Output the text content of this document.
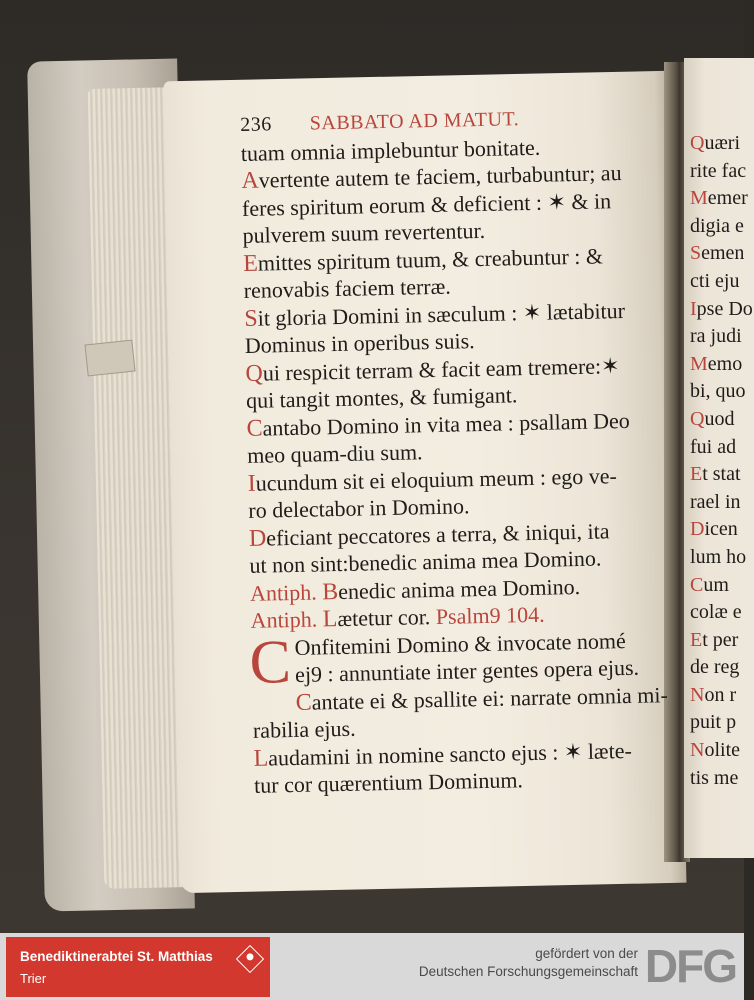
236 SABBATO AD MATUT.
tuam omnia implebuntur bonitate.
Avertente autem te faciem, turbabuntur; au
feres spiritum eorum & deficient : ✶ & in
pulverem suum revertentur.
Emittes spiritum tuum, & creabuntur : &
renovabis faciem terræ.
Sit gloria Domini in sæculum : ✶ lætabitur
Dominus in operibus suis.
Qui respicit terram & facit eam tremere:✶
qui tangit montes, & fumigant.
Cantabo Domino in vita mea : psallam Deo
meo quam-diu sum.
Iucundum sit ei eloquium meum : ego ve-
ro delectabor in Domino.
Deficiant peccatores a terra, & iniqui, ita
ut non sint:benedic anima mea Domino.
Antiph. Benedic anima mea Domino.
Antiph. Lætetur cor. Psalm9 104.
C Onfitemini Domino & invocate nomé
ej9 : annuntiate inter gentes opera ejus.
Cantate ei & psallite ei: narrate omnia mi-
rabilia ejus.
Laudamini in nomine sancto ejus : ✶ læte-
tur cor quærentium Dominum.
Quæri
rite fac
Memer
digia e
Semen
cti eju
Ipse Do
ra judi
Memo
bi, quo
Quod
fui ad
Et stat
rael in
Dicen
lum ho
Cum
colæ e
Et per
de reg
Non r
puit p
Nolite
tis me
Benediktinerabtei St. Matthias
Trier
gefördert von der
Deutschen Forschungsgemeinschaft DFG
